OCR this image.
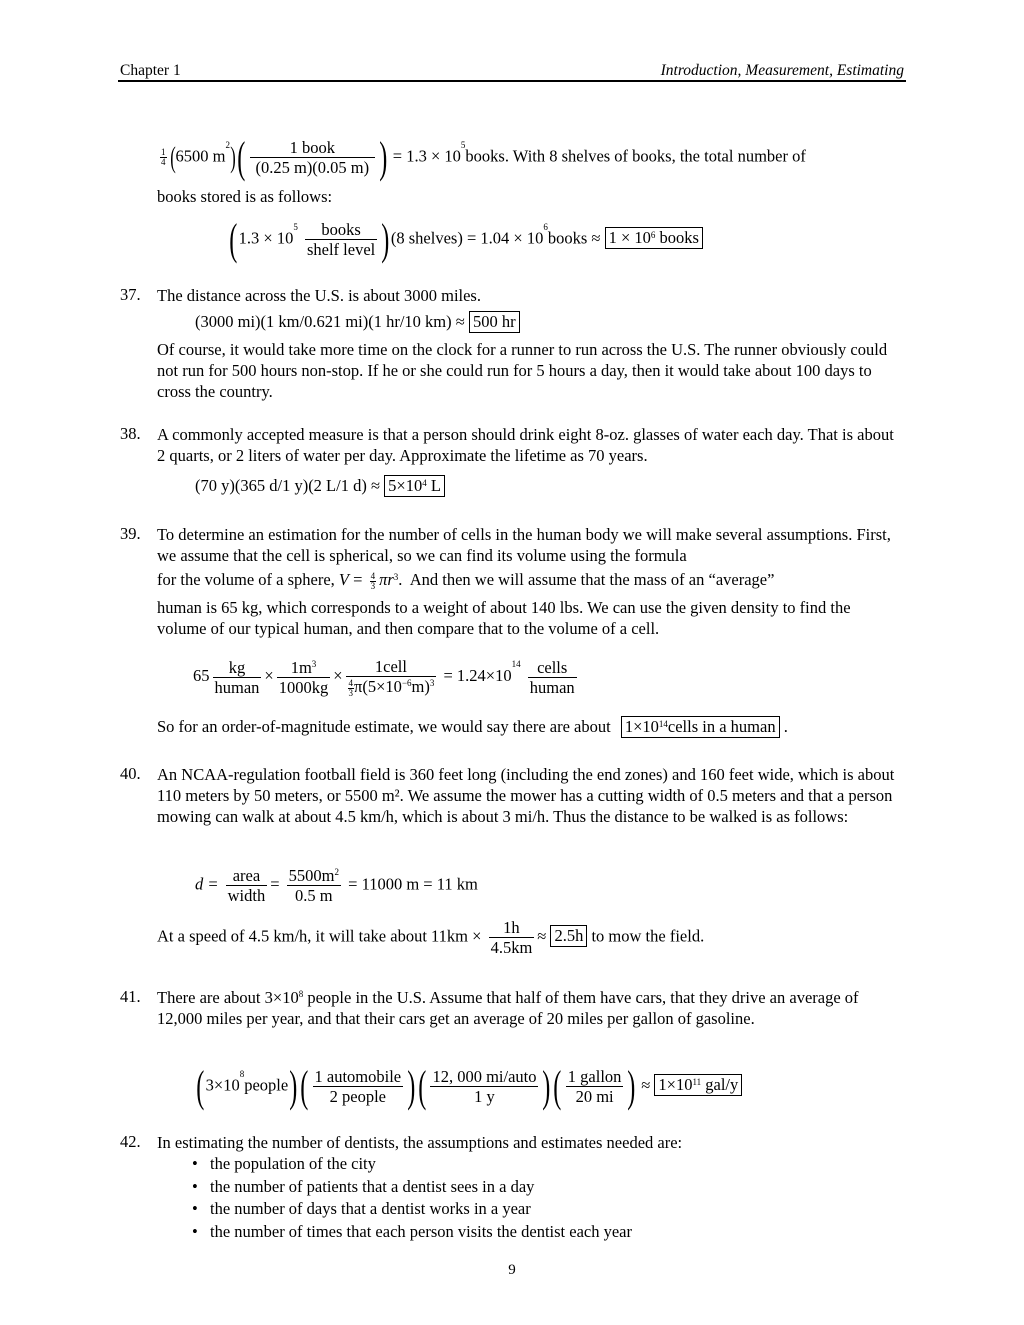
Chapter 1	Introduction, Measurement, Estimating
$\frac{1}{4} (6500$ $m^2)( \frac{\text{1 book}}{(0.25 m)(0.05 m)}$ ) = $1.3 \times 10^5books$. With 8 shelves of books, the total number of
books stored is as follows:
$(1.3 \times 10^5 \frac{\text{books}}{\text{shelf level}} )(8$ shelves) = $1.04 \times 10^6books \approx 1 \times 10^6$ books
37. The distance across the U.S. is about 3000 miles.
(3000 mi)(1 km/0.621 mi)(1 hr/10 km) ≈ 500 hr
Of course, it would take more time on the clock for a runner to run across the U.S. The runner obviously could not run for 500 hours non-stop. If he or she could run for 5 hours a day, then it would take about 100 days to cross the country.
38. A commonly accepted measure is that a person should drink eight 8-oz. glasses of water each day. That is about 2 quarts, or 2 liters of water per day. Approximate the lifetime as 70 years.
(70 y)(365 d/1 y)(2 L/1 $d) \approx 5\times 10^4$ L
39. To determine an estimation for the number of cells in the human body we will make several assumptions. First, we assume that the cell is spherical, so we can find its volume using the formula
for the volume of a sphere, $V = \frac{4}{3} \pi r^3$.  And then we will assume that the mass of an “average”
human is 65 kg, which corresponds to a weight of about 140 lbs. We can use the given density to find the volume of our typical human, and then compare that to the volume of a cell.
$65 \frac{kg}{\text{human}} \times \frac{1m^3}{1000kg} \times \frac{\text{1cell}}{\frac{4}{3} \pi(5\times 10^{-6}m)^3} = 1.24\times 10^{14} \frac{\text{cells}}{\text{human}}$
So for an order-of-magnitude estimate, we would say there are about $1\times 10^{14}cells$ in a human .
40. An NCAA-regulation football field is 360 feet long (including the end zones) and 160 feet wide, which is about 110 meters by 50 meters, or 5500 m². We assume the mower has a cutting width of 0.5 meters and that a person mowing can walk at about 4.5 km/h, which is about 3 mi/h. Thus the distance to be walked is as follows:
$d = \frac{\text{area}}{\text{width}} = \frac{5500m^2}{0.5 m} = 11000$ m = 11 km
At a speed of 4.5 km/h, it will take about $11km \times \frac{1h}{4.5km} \approx 2.5h$ to mow the field.
41. There are about $3\times 10^8$ people in the U.S. Assume that half of them have cars, that they drive an average of 12,000 miles per year, and that their cars get an average of 20 miles per gallon of gasoline.
$(3\times 10^8people)( \frac{\text{1 automobile}}{\text{2 people}}$ )( $\frac{\text{12, 000 mi/auto}}{1 y}$ )( $\frac{\text{1 gallon}}{20 mi}$ ) ≈ $1\times 10^{11}$ gal/y
42. In estimating the number of dentists, the assumptions and estimates needed are:
• the population of the city
• the number of patients that a dentist sees in a day
• the number of days that a dentist works in a year
• the number of times that each person visits the dentist each year
9
